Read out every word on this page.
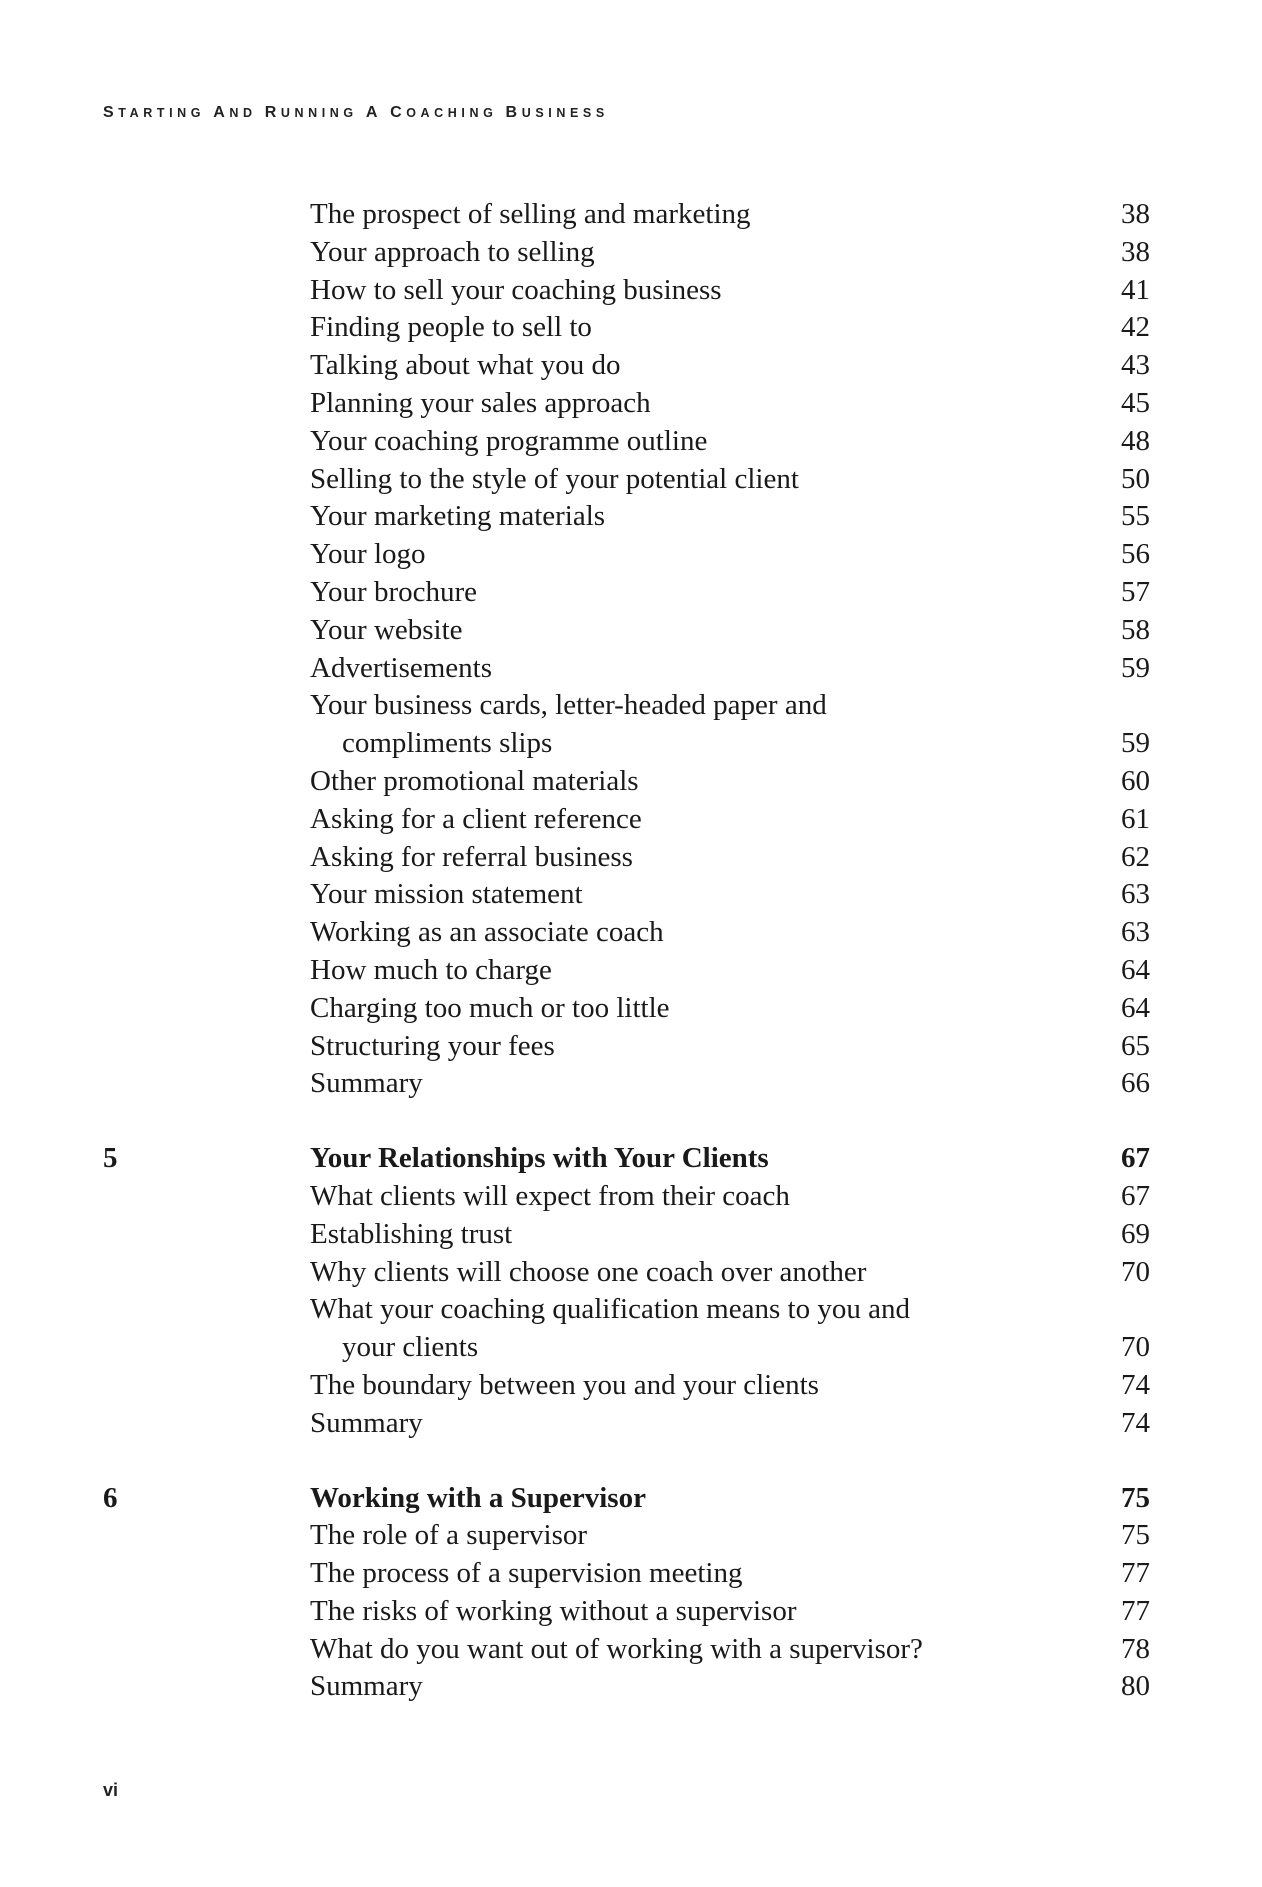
STARTING AND RUNNING A COACHING BUSINESS
The prospect of selling and marketing	38
Your approach to selling	38
How to sell your coaching business	41
Finding people to sell to	42
Talking about what you do	43
Planning your sales approach	45
Your coaching programme outline	48
Selling to the style of your potential client	50
Your marketing materials	55
Your logo	56
Your brochure	57
Your website	58
Advertisements	59
Your business cards, letter-headed paper and
compliments slips	59
Other promotional materials	60
Asking for a client reference	61
Asking for referral business	62
Your mission statement	63
Working as an associate coach	63
How much to charge	64
Charging too much or too little	64
Structuring your fees	65
Summary	66
5	Your Relationships with Your Clients	67
What clients will expect from their coach	67
Establishing trust	69
Why clients will choose one coach over another	70
What your coaching qualification means to you and
your clients	70
The boundary between you and your clients	74
Summary	74
6	Working with a Supervisor	75
The role of a supervisor	75
The process of a supervision meeting	77
The risks of working without a supervisor	77
What do you want out of working with a supervisor?	78
Summary	80
vi
